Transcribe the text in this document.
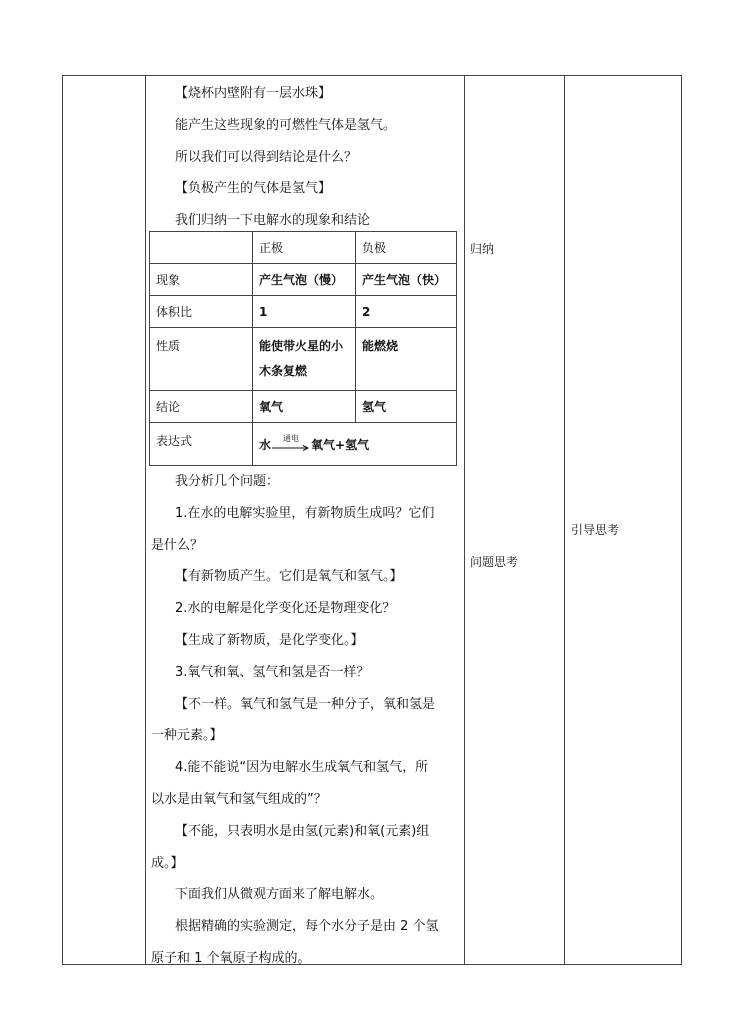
【烧杯内壁附有一层水珠】

能产生这些现象的可燃性气体是氢气。

所以我们可以得到结论是什么？

【负极产生的气体是氢气】

我们归纳一下电解水的现象和结论

	正极	负极
现象	产生气泡（慢）	产生气泡（快）
体积比	1	2
性质	能使带火星的小木条复燃	能燃烧
结论	氧气	氢气
表达式	水 通电 氧气+氢气	

我分析几个问题：

1.在水的电解实验里，有新物质生成吗？它们

是什么？

【有新物质产生。它们是氧气和氢气。】

2.水的电解是化学变化还是物理变化？

【生成了新物质，是化学变化。】

3.氧气和氧、氢气和氢是否一样？

【不一样。氧气和氢气是一种分子，氧和氢是

一种元素。】

4.能不能说“因为电解水生成氧气和氢气，所

以水是由氧气和氢气组成的”？

【不能，只表明水是由氢(元素)和氧(元素)组

成。】

下面我们从微观方面来了解电解水。

根据精确的实验测定，每个水分子是由 2 个氢

原子和 1 个氧原子构成的。

归纳
问题思考
引导思考
